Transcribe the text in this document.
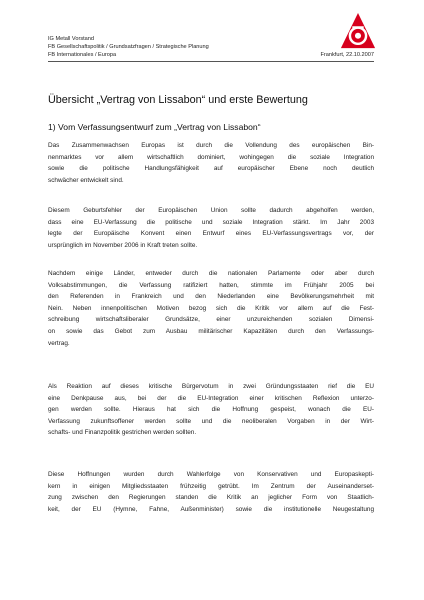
IG Metall Vorstand
FB Gesellschaftspolitik / Grundsatzfragen / Strategische Planung
FB Internationales / Europa	Frankfurt, 22.10.2007
Übersicht „Vertrag von Lissabon“ und erste Bewertung
1) Vom Verfassungsentwurf zum „Vertrag von Lissabon“
Das Zusammenwachsen Europas ist durch die Vollendung des europäischen Bin-
nenmarktes vor allem wirtschaftlich dominiert, wohingegen die soziale Integration
sowie die politische Handlungsfähigkeit auf europäischer Ebene noch deutlich
schwächer entwickelt sind.
Diesem Geburtsfehler der Europäischen Union sollte dadurch abgeholfen werden,
dass eine EU-Verfassung die politische und soziale Integration stärkt. Im Jahr 2003
legte der Europäische Konvent einen Entwurf eines EU-Verfassungsvertrags vor, der
ursprünglich im November 2006 in Kraft treten sollte.
Nachdem einige Länder, entweder durch die nationalen Parlamente oder aber durch
Volksabstimmungen, die Verfassung ratifiziert hatten, stimmte im Frühjahr 2005 bei
den Referenden in Frankreich und den Niederlanden eine Bevölkerungsmehrheit mit
Nein. Neben innenpolitischen Motiven bezog sich die Kritik vor allem auf die Fest-
schreibung wirtschaftsliberaler Grundsätze, einer unzureichenden sozialen Dimensi-
on sowie das Gebot zum Ausbau militärischer Kapazitäten durch den Verfassungs-
vertrag.
Als Reaktion auf dieses kritische Bürgervotum in zwei Gründungsstaaten rief die EU
eine Denkpause aus, bei der die EU-Integration einer kritischen Reflexion unterzo-
gen werden sollte. Hieraus hat sich die Hoffnung gespeist, wonach die EU-
Verfassung zukunftsoffener werden sollte und die neoliberalen Vorgaben in der Wirt-
schafts- und Finanzpolitik gestrichen werden sollten.
Diese Hoffnungen wurden durch Wahlerfolge von Konservativen und Europaskepti-
kern in einigen Mitgliedsstaaten frühzeitig getrübt. Im Zentrum der Auseinanderset-
zung zwischen den Regierungen standen die Kritik an jeglicher Form von Staatlich-
keit, der EU (Hymne, Fahne, Außenminister) sowie die institutionelle Neugestaltung
